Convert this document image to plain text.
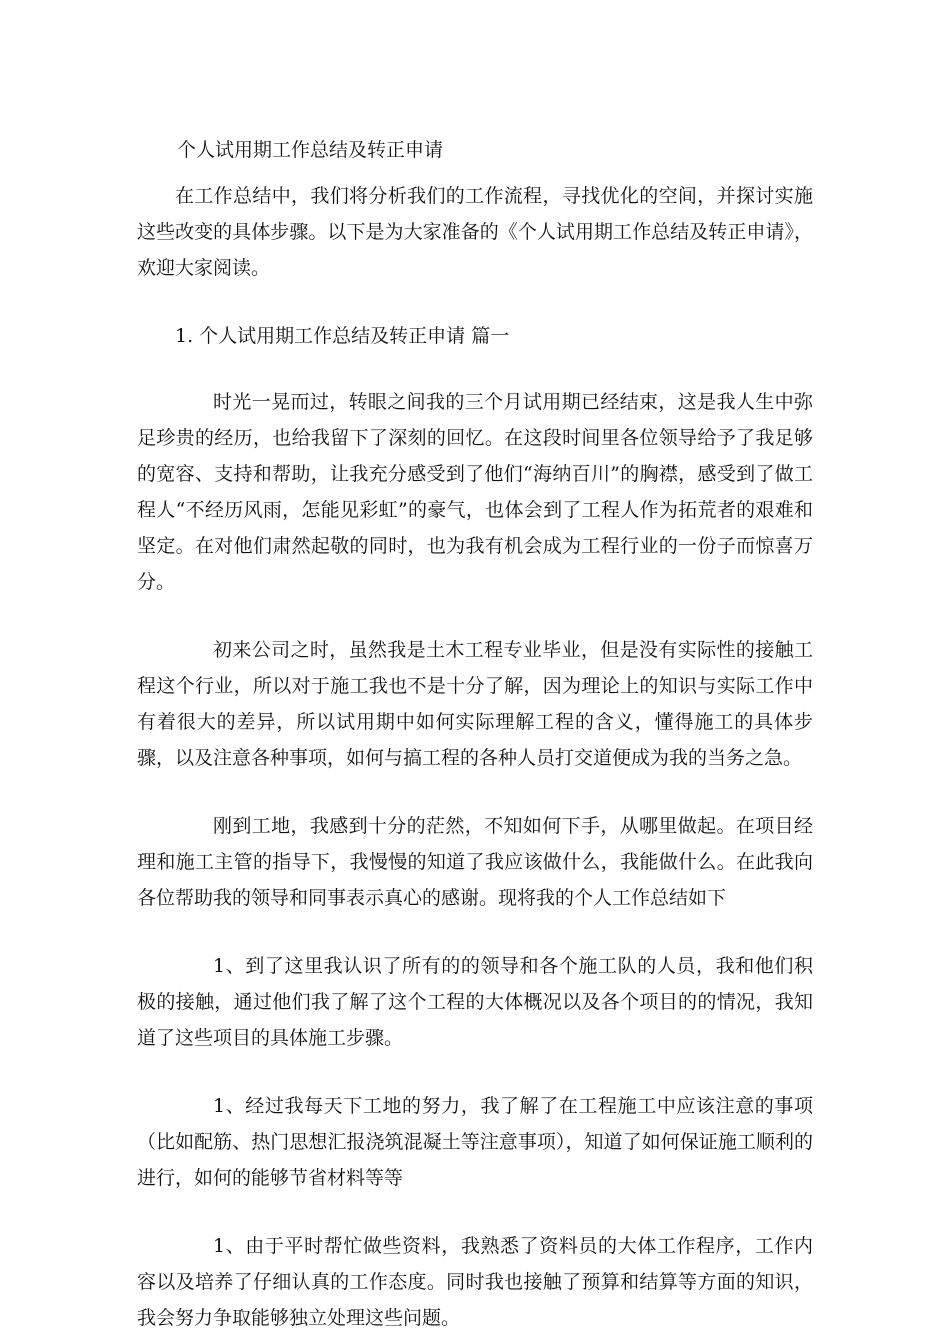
个人试用期工作总结及转正申请

在工作总结中，我们将分析我们的工作流程，寻找优化的空间，并探讨实施这些改变的具体步骤。以下是为大家准备的《个人试用期工作总结及转正申请》，欢迎大家阅读。

1. 个人试用期工作总结及转正申请 篇一

时光一晃而过，转眼之间我的三个月试用期已经结束，这是我人生中弥足珍贵的经历，也给我留下了深刻的回忆。在这段时间里各位领导给予了我足够的宽容、支持和帮助，让我充分感受到了他们“海纳百川”的胸襟，感受到了做工程人“不经历风雨，怎能见彩虹”的豪气，也体会到了工程人作为拓荒者的艰难和坚定。在对他们肃然起敬的同时，也为我有机会成为工程行业的一份子而惊喜万分。

初来公司之时，虽然我是土木工程专业毕业，但是没有实际性的接触工程这个行业，所以对于施工我也不是十分了解，因为理论上的知识与实际工作中有着很大的差异，所以试用期中如何实际理解工程的含义，懂得施工的具体步骤，以及注意各种事项，如何与搞工程的各种人员打交道便成为我的当务之急。

刚到工地，我感到十分的茫然，不知如何下手，从哪里做起。在项目经理和施工主管的指导下，我慢慢的知道了我应该做什么，我能做什么。在此我向各位帮助我的领导和同事表示真心的感谢。现将我的个人工作总结如下

1、到了这里我认识了所有的的领导和各个施工队的人员，我和他们积极的接触，通过他们我了解了这个工程的大体概况以及各个项目的的情况，我知道了这些项目的具体施工步骤。

1、经过我每天下工地的努力，我了解了在工程施工中应该注意的事项（比如配筋、热门思想汇报浇筑混凝土等注意事项），知道了如何保证施工顺利的进行，如何的能够节省材料等等

1、由于平时帮忙做些资料，我熟悉了资料员的大体工作程序，工作内容以及培养了仔细认真的工作态度。同时我也接触了预算和结算等方面的知识，我会努力争取能够独立处理这些问题。
